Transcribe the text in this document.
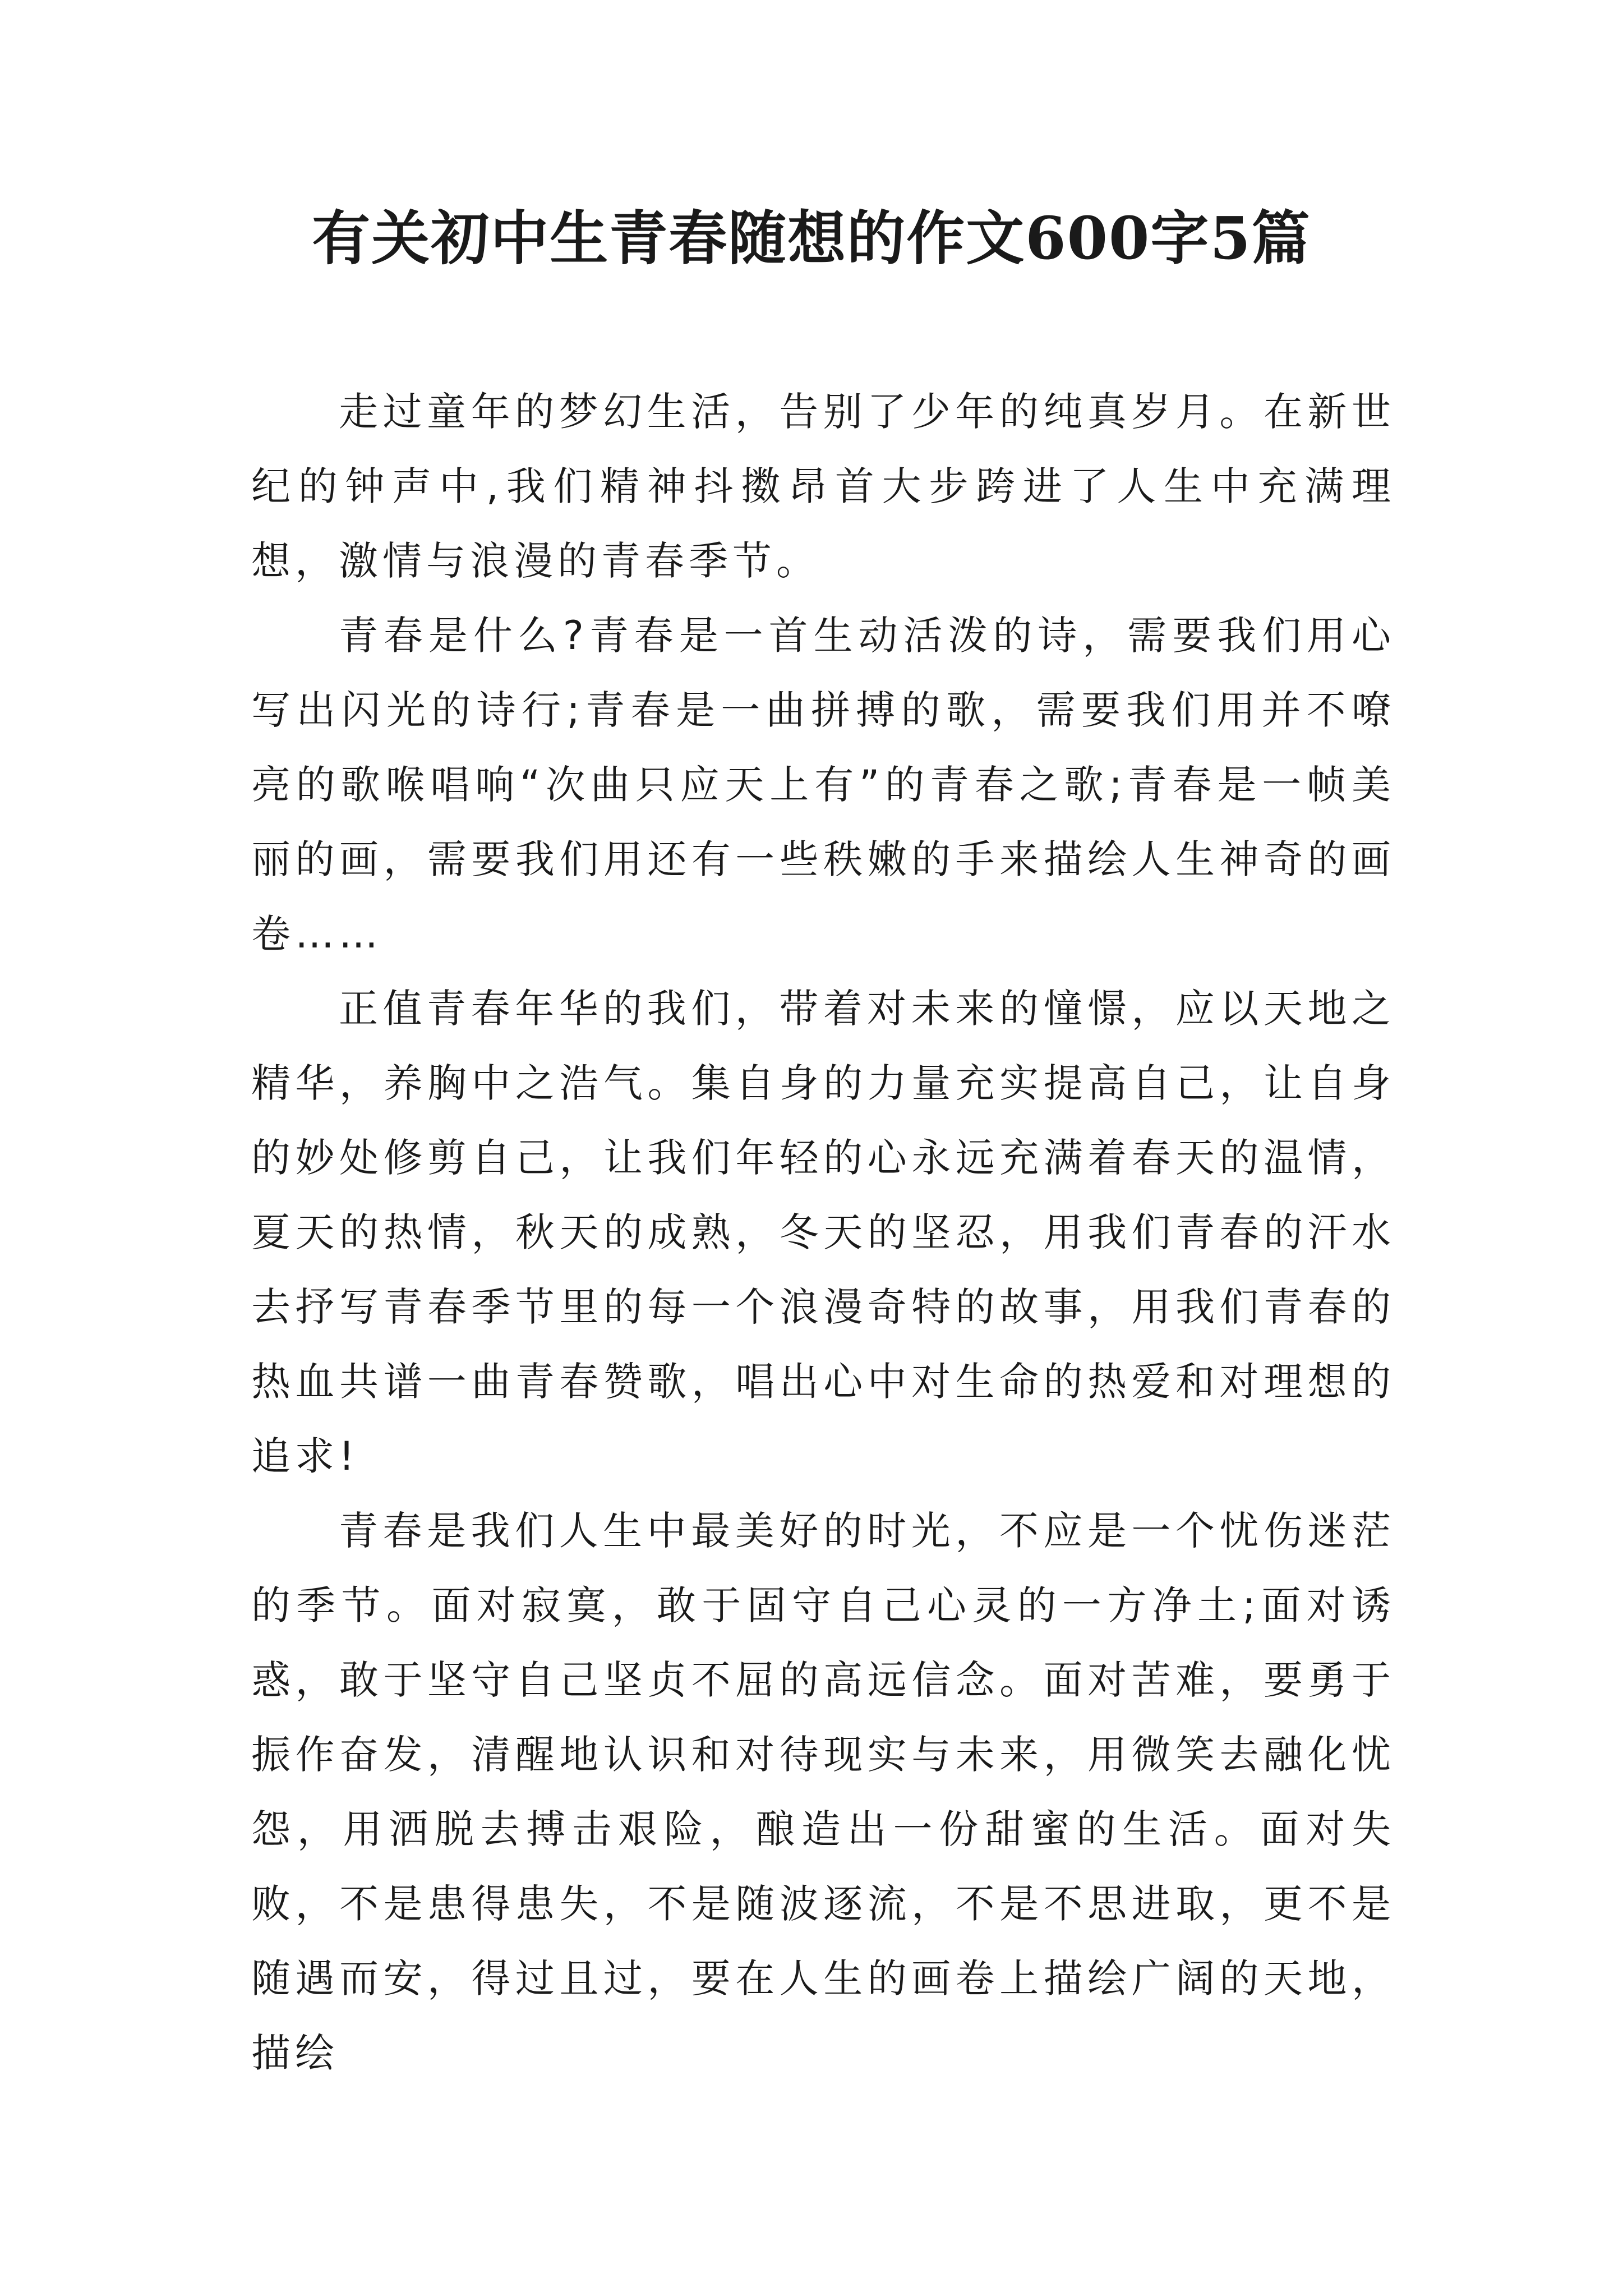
有关初中生青春随想的作文600字5篇

走过童年的梦幻生活，告别了少年的纯真岁月。在新世纪的钟声中,我们精神抖擞昂首大步跨进了人生中充满理想，激情与浪漫的青春季节。

青春是什么?青春是一首生动活泼的诗，需要我们用心写出闪光的诗行;青春是一曲拼搏的歌，需要我们用并不嘹亮的歌喉唱响“次曲只应天上有”的青春之歌;青春是一帧美丽的画，需要我们用还有一些秩嫩的手来描绘人生神奇的画卷……

正值青春年华的我们，带着对未来的憧憬，应以天地之精华，养胸中之浩气。集自身的力量充实提高自己，让自身的妙处修剪自己，让我们年轻的心永远充满着春天的温情，夏天的热情，秋天的成熟，冬天的坚忍，用我们青春的汗水去抒写青春季节里的每一个浪漫奇特的故事，用我们青春的热血共谱一曲青春赞歌，唱出心中对生命的热爱和对理想的追求!

青春是我们人生中最美好的时光，不应是一个忧伤迷茫的季节。面对寂寞，敢于固守自己心灵的一方净土;面对诱惑，敢于坚守自己坚贞不屈的高远信念。面对苦难，要勇于振作奋发，清醒地认识和对待现实与未来，用微笑去融化忧怨，用洒脱去搏击艰险，酿造出一份甜蜜的生活。面对失败，不是患得患失，不是随波逐流，不是不思进取，更不是随遇而安，得过且过，要在人生的画卷上描绘广阔的天地，描绘
